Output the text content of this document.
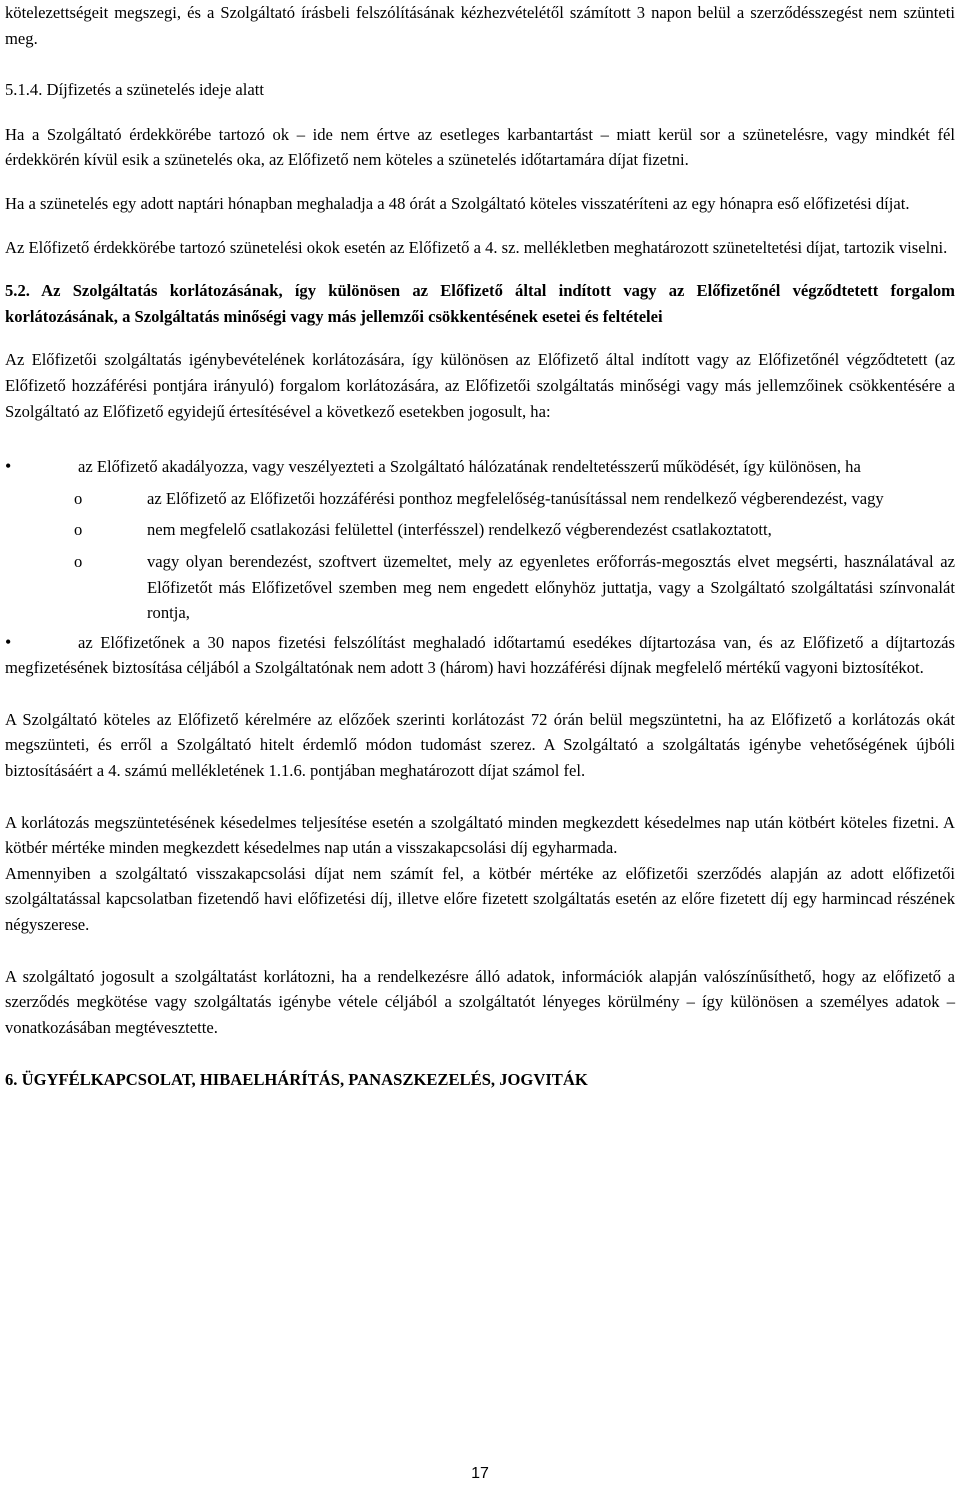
kötelezettségeit megszegi, és a Szolgáltató írásbeli felszólításának kézhezvételétől számított 3 napon belül a szerződésszegést nem szünteti meg.

5.1.4. Díjfizetés a szünetelés ideje alatt

Ha a Szolgáltató érdekkörébe tartozó ok – ide nem értve az esetleges karbantartást – miatt kerül sor a szünetelésre, vagy mindkét fél érdekkörén kívül esik a szünetelés oka, az Előfizető nem köteles a szünetelés időtartamára díjat fizetni.

Ha a szünetelés egy adott naptári hónapban meghaladja a 48 órát a Szolgáltató köteles visszatéríteni az egy hónapra eső előfizetési díjat.

Az Előfizető érdekkörébe tartozó szünetelési okok esetén az Előfizető a 4. sz. mellékletben meghatározott szüneteltetési díjat, tartozik viselni.

5.2. Az Szolgáltatás korlátozásának, így különösen az Előfizető által indított vagy az Előfizetőnél végződtetett forgalom korlátozásának, a Szolgáltatás minőségi vagy más jellemzői csökkentésének esetei és feltételei

Az Előfizetői szolgáltatás igénybevételének korlátozására, így különösen az Előfizető által indított vagy az Előfizetőnél végződtetett (az Előfizető hozzáférési pontjára irányuló) forgalom korlátozására, az Előfizetői szolgáltatás minőségi vagy más jellemzőinek csökkentésére a Szolgáltató az Előfizető egyidejű értesítésével a következő esetekben jogosult, ha:

•	az Előfizető akadályozza, vagy veszélyezteti a Szolgáltató hálózatának rendeltetésszerű működését, így különösen, ha
o	az Előfizető az Előfizetői hozzáférési ponthoz megfelelőség-tanúsítással nem rendelkező végberendezést, vagy
o	nem megfelelő csatlakozási felülettel (interfésszel) rendelkező végberendezést csatlakoztatott,
o	vagy olyan berendezést, szoftvert üzemeltet, mely az egyenletes erőforrás-megosztás elvet megsérti, használatával az Előfizetőt más Előfizetővel szemben meg nem engedett előnyhöz juttatja, vagy a Szolgáltató szolgáltatási színvonalát rontja,
•	az Előfizetőnek a 30 napos fizetési felszólítást meghaladó időtartamú esedékes díjtartozása van, és az Előfizető a díjtartozás megfizetésének biztosítása céljából a Szolgáltatónak nem adott 3 (három) havi hozzáférési díjnak megfelelő mértékű vagyoni biztosítékot.

A Szolgáltató köteles az Előfizető kérelmére az előzőek szerinti korlátozást 72 órán belül megszüntetni, ha az Előfizető a korlátozás okát megszünteti, és erről a Szolgáltató hitelt érdemlő módon tudomást szerez. A Szolgáltató a szolgáltatás igénybe vehetőségének újbóli biztosításáért a 4. számú mellékletének 1.1.6. pontjában meghatározott díjat számol fel.

A korlátozás megszüntetésének késedelmes teljesítése esetén a szolgáltató minden megkezdett késedelmes nap után kötbért köteles fizetni. A kötbér mértéke minden megkezdett késedelmes nap után a visszakapcsolási díj egyharmada.

Amennyiben a szolgáltató visszakapcsolási díjat nem számít fel, a kötbér mértéke az előfizetői szerződés alapján az adott előfizetői szolgáltatással kapcsolatban fizetendő havi előfizetési díj, illetve előre fizetett szolgáltatás esetén az előre fizetett díj egy harmincad részének négyszerese.

A szolgáltató jogosult a szolgáltatást korlátozni, ha a rendelkezésre álló adatok, információk alapján valószínűsíthető, hogy az előfizető a szerződés megkötése vagy szolgáltatás igénybe vétele céljából a szolgáltatót lényeges körülmény – így különösen a személyes adatok – vonatkozásában megtévesztette.

6. ÜGYFÉLKAPCSOLAT, HIBAELHÁRÍTÁS, PANASZKEZELÉS, JOGVITÁK

17
